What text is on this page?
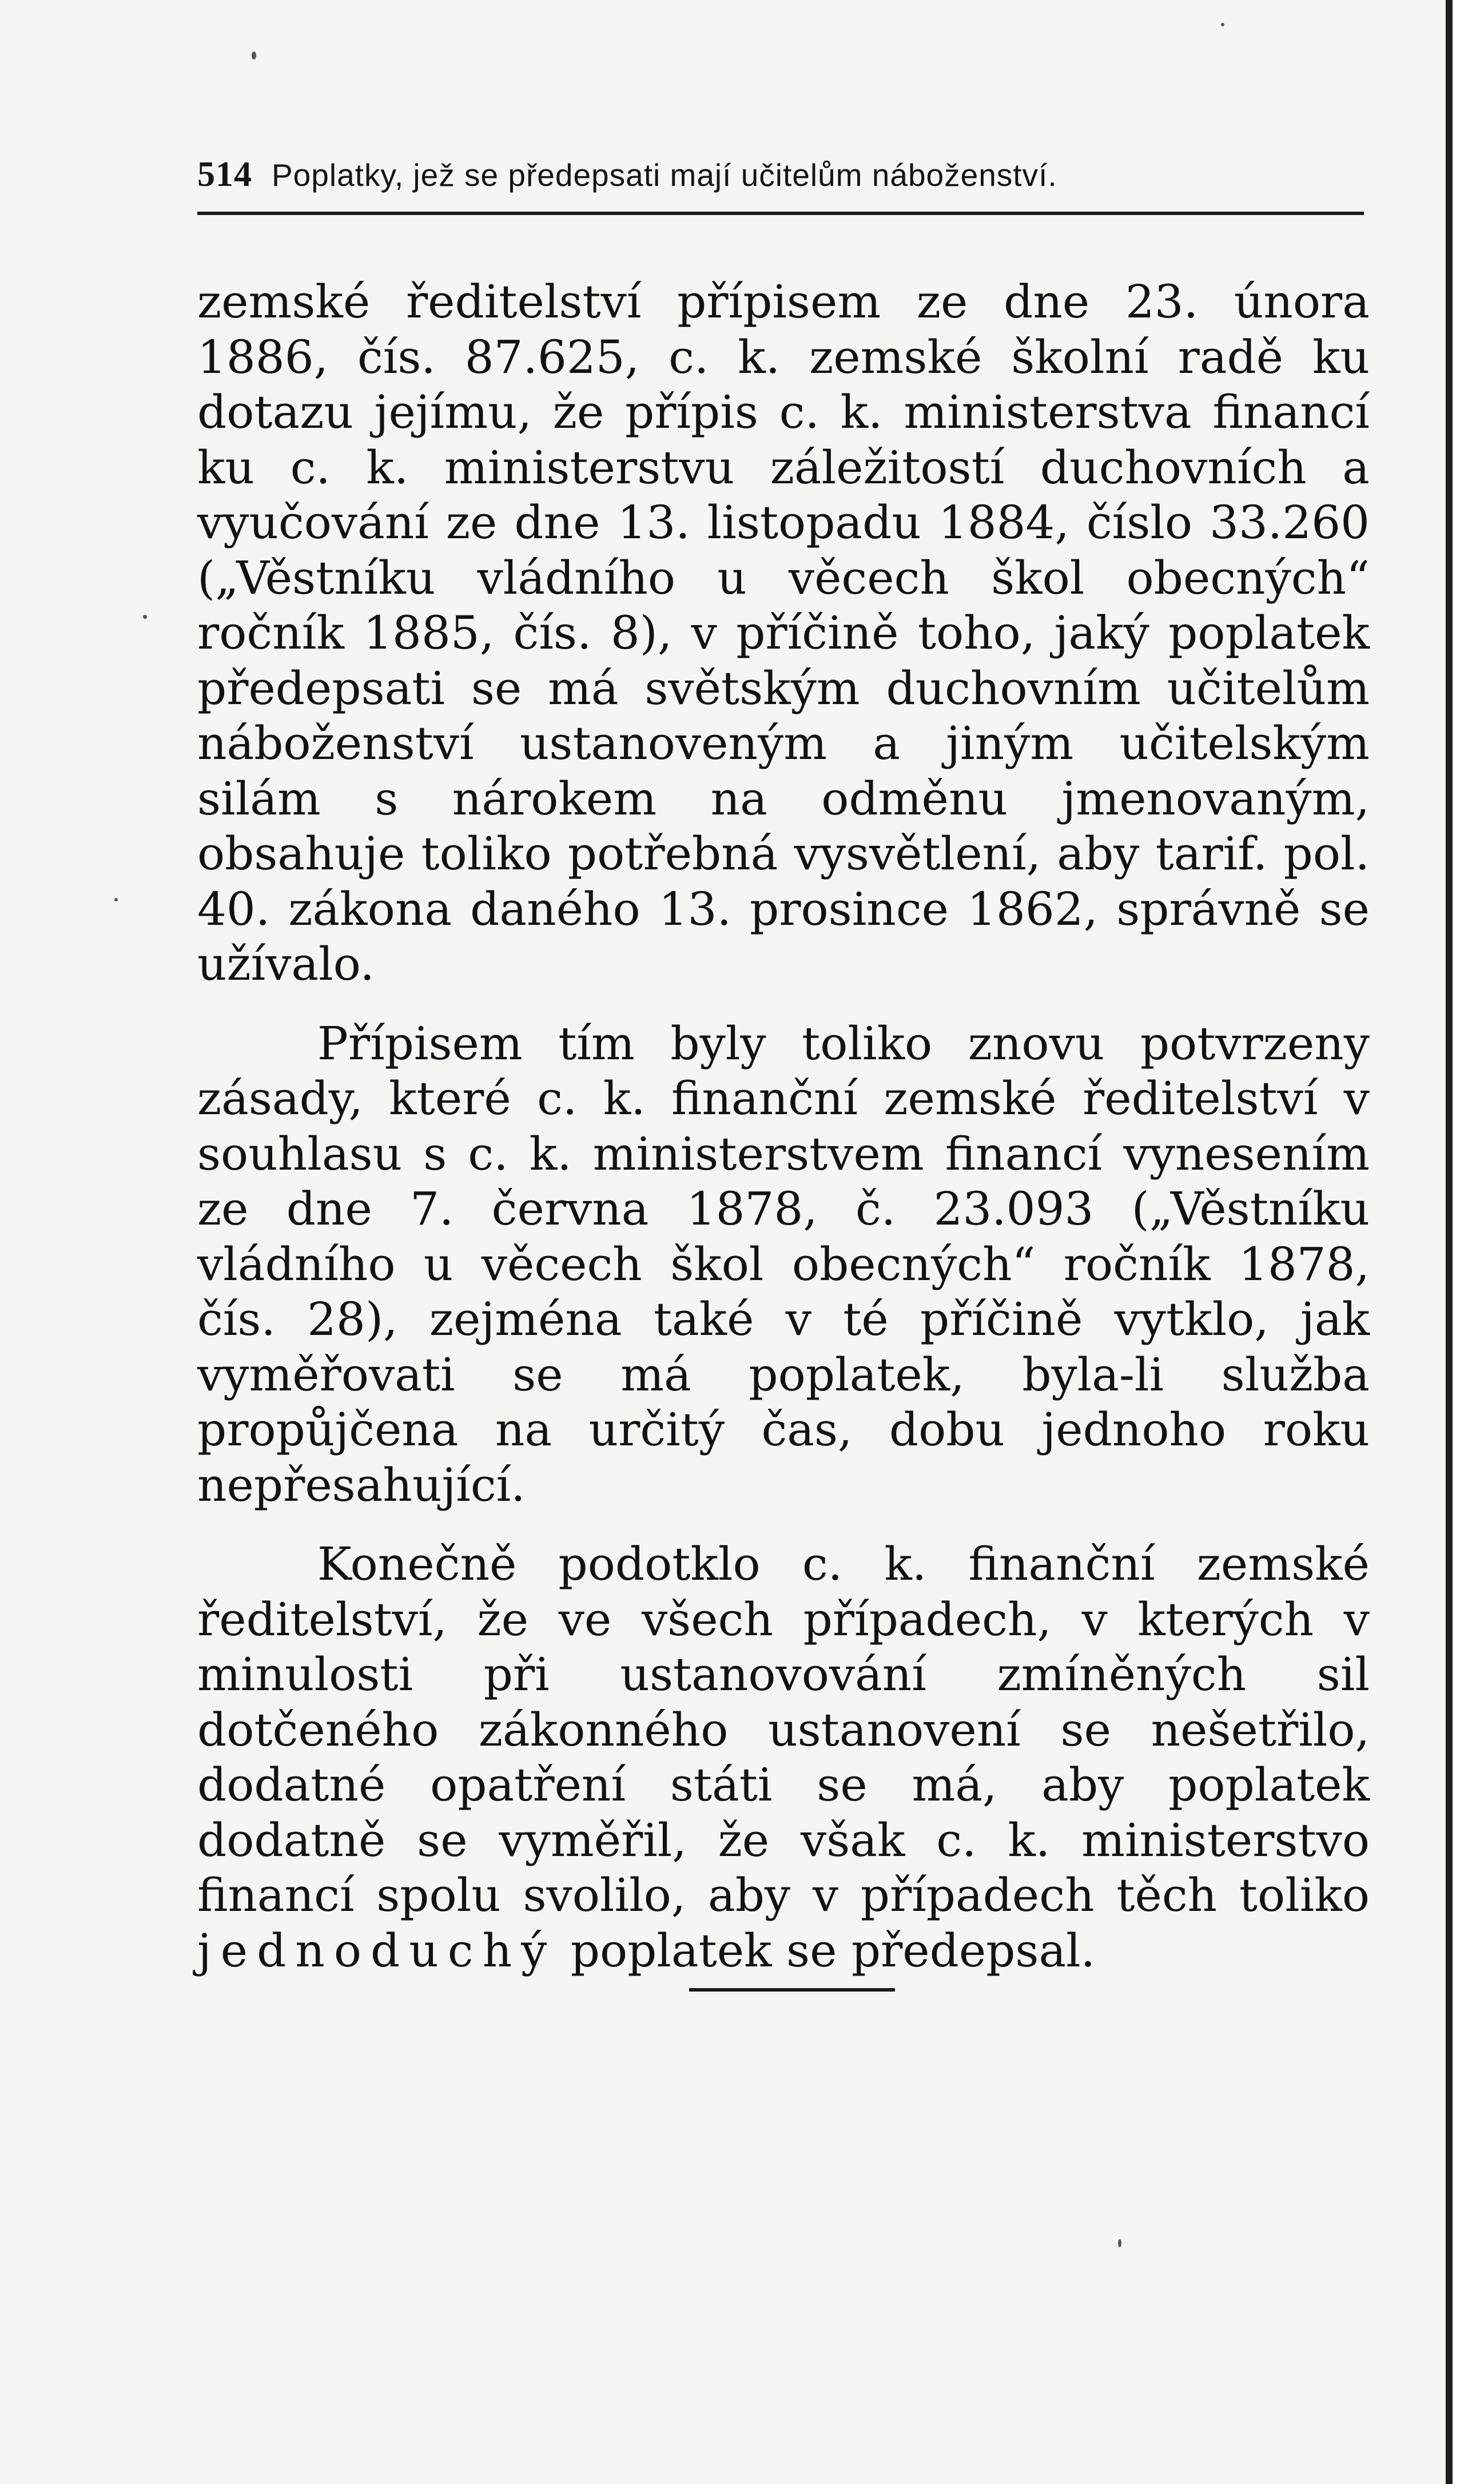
514 Poplatky, jež se předepsati mají učitelům náboženství.

zemské ředitelství přípisem ze dne 23. února 1886, čís. 87.625, c. k. zemské školní radě ku dotazu jejímu, že přípis c. k. ministerstva financí ku c. k. ministerstvu záležitostí duchovních a vyučování ze dne 13. listopadu 1884, číslo 33.260 („Věstníku vládního u věcech škol obecných“ ročník 1885, čís. 8), v příčině toho, jaký poplatek předepsati se má světským duchovním učitelům náboženství ustanoveným a jiným učitelským silám s nárokem na odměnu jmenovaným, obsahuje toliko potřebná vysvětlení, aby tarif. pol. 40. zákona daného 13. prosince 1862, správně se užívalo.

Přípisem tím byly toliko znovu potvrzeny zásady, které c. k. finanční zemské ředitelství v souhlasu s c. k. ministerstvem financí vynesením ze dne 7. června 1878, č. 23.093 („Věstníku vládního u věcech škol obecných“ ročník 1878, čís. 28), zejména také v té příčině vytklo, jak vyměřovati se má poplatek, byla-li služba propůjčena na určitý čas, dobu jednoho roku nepřesahující.

Konečně podotklo c. k. finanční zemské ředitelství, že ve všech případech, v kterých v minulosti při ustanovování zmíněných sil dotčeného zákonného ustanovení se nešetřilo, dodatné opatření státi se má, aby poplatek dodatně se vyměřil, že však c. k. ministerstvo financí spolu svolilo, aby v případech těch toliko jednoduchý poplatek se předepsal.
